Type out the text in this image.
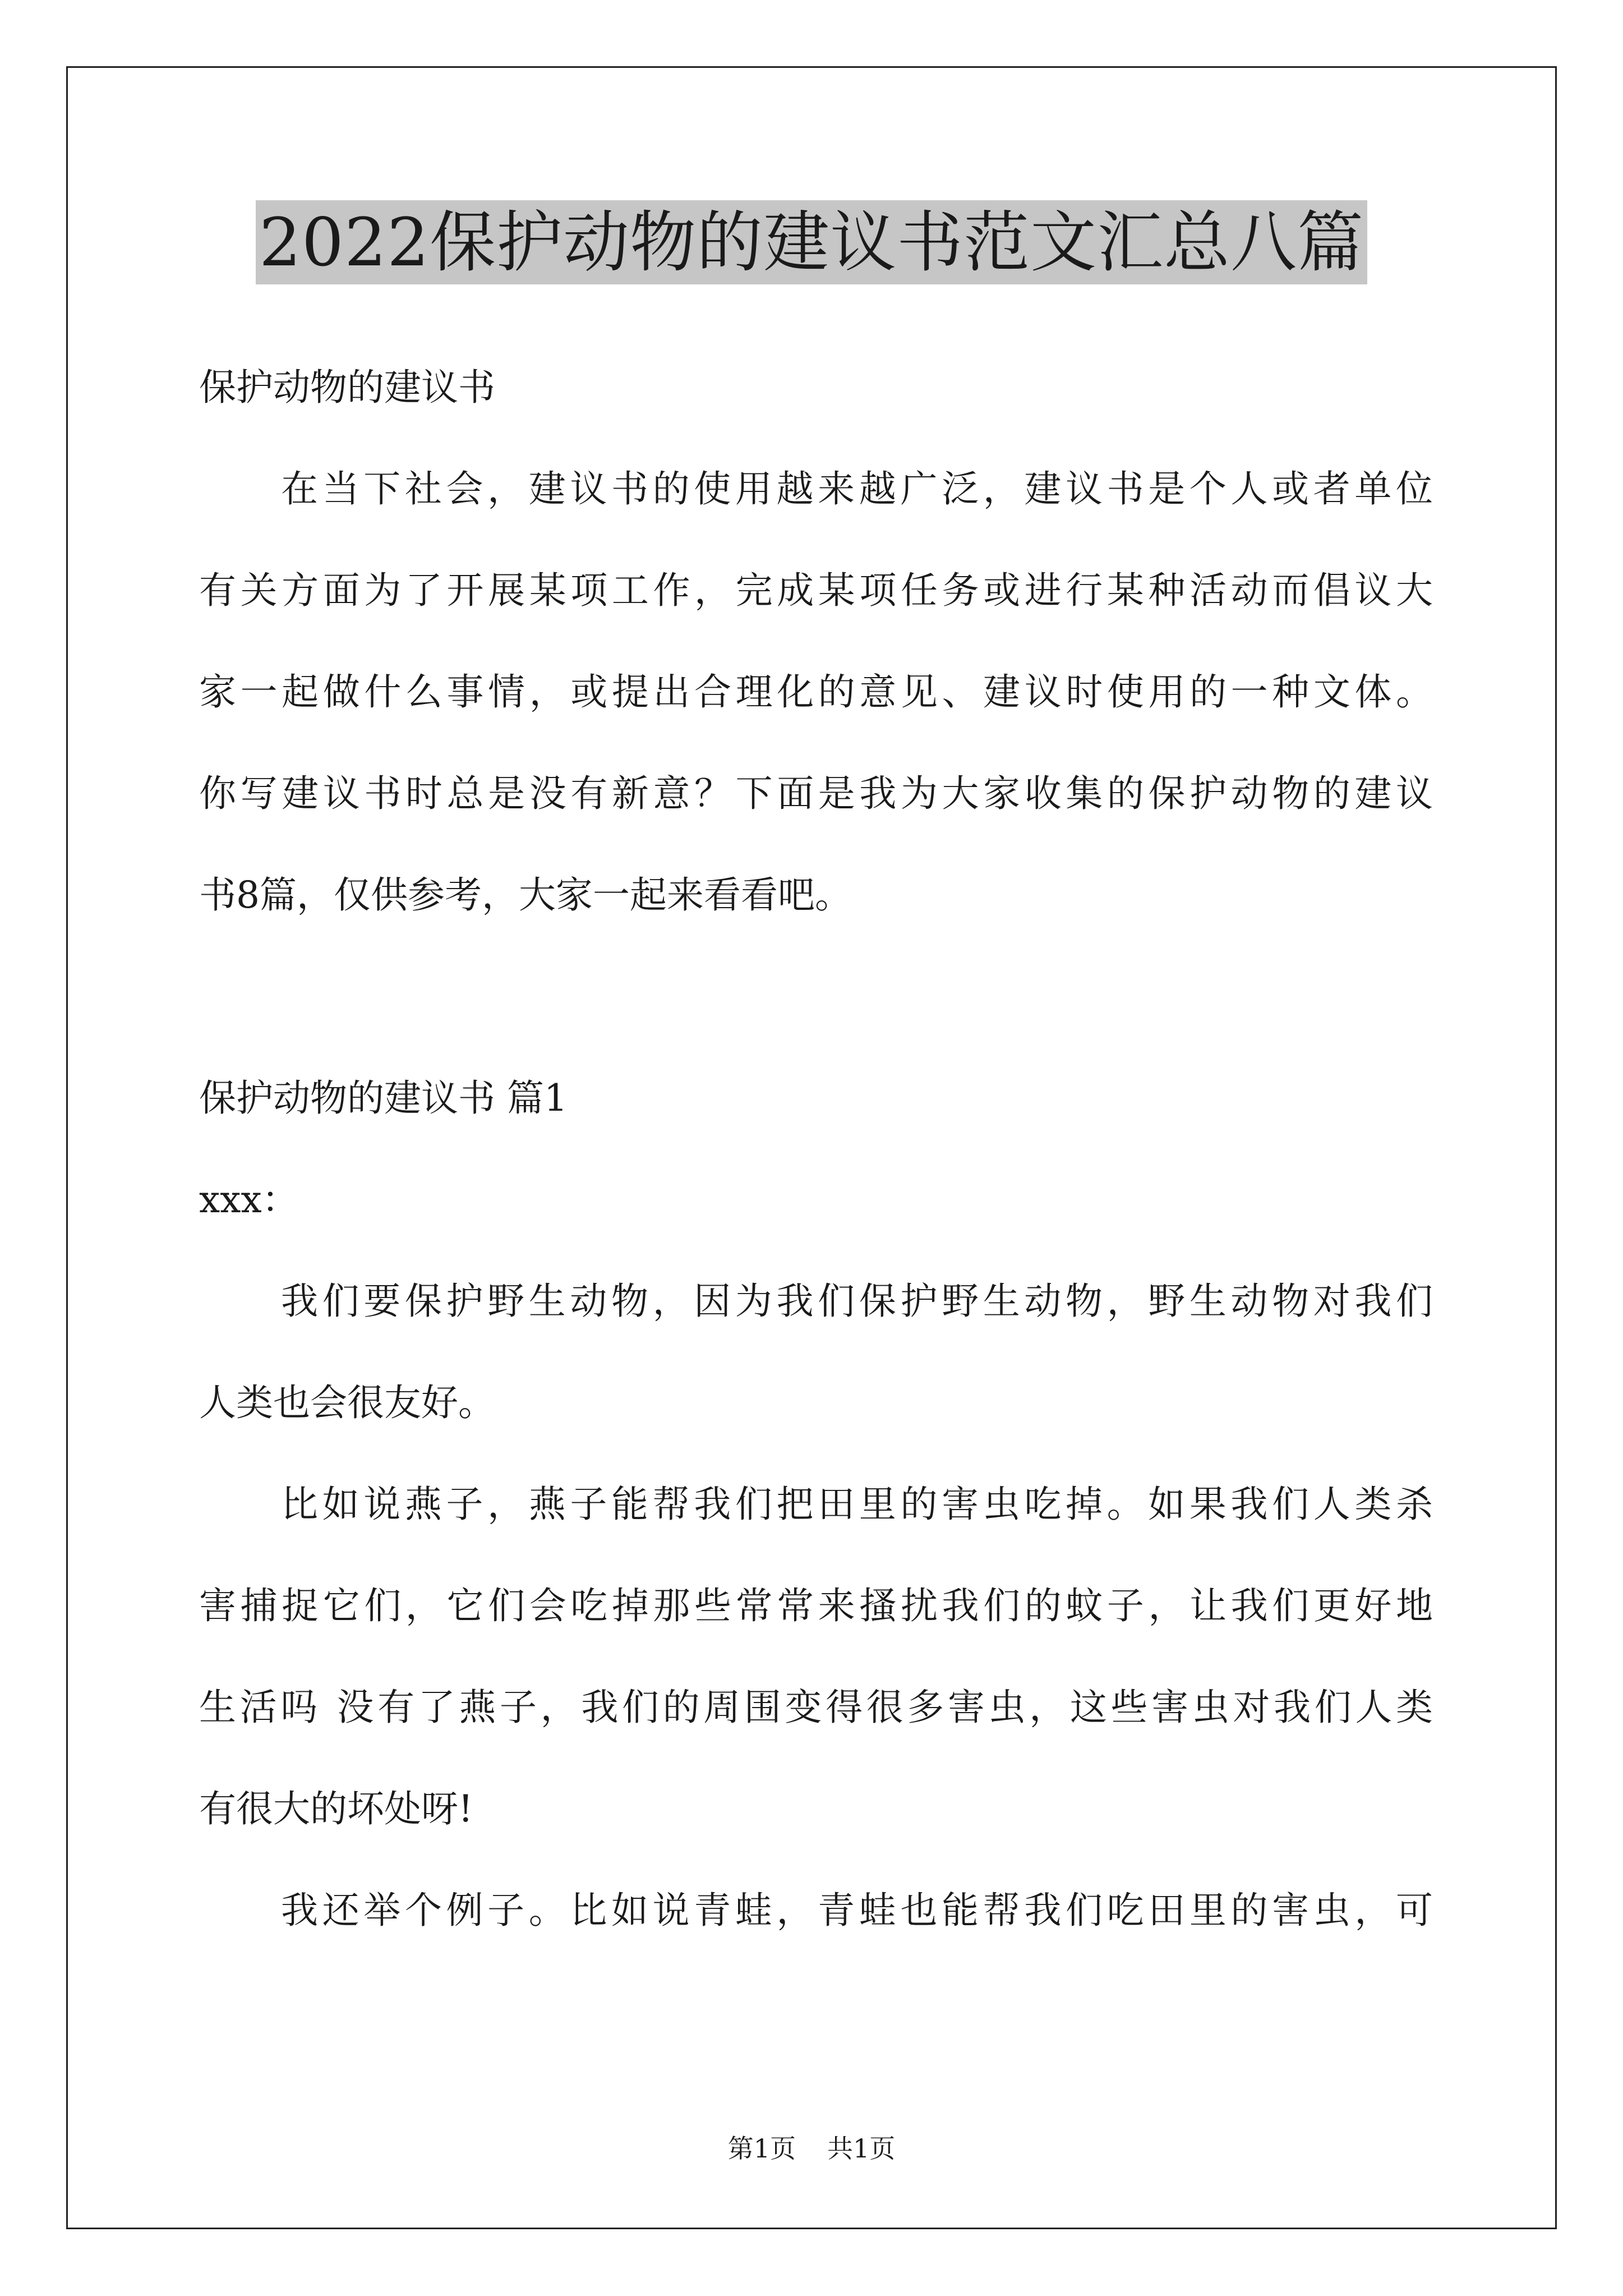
2022保护动物的建议书范文汇总八篇
保护动物的建议书
在当下社会，建议书的使用越来越广泛，建议书是个人或者单位
有关方面为了开展某项工作，完成某项任务或进行某种活动而倡议大
家一起做什么事情，或提出合理化的意见、建议时使用的一种文体。
你写建议书时总是没有新意？下面是我为大家收集的保护动物的建议
书8篇，仅供参考，大家一起来看看吧。
保护动物的建议书 篇1
xxx：
我们要保护野生动物，因为我们保护野生动物，野生动物对我们
人类也会很友好。
比如说燕子，燕子能帮我们把田里的害虫吃掉。如果我们人类杀
害捕捉它们，它们会吃掉那些常常来搔扰我们的蚊子，让我们更好地
生活吗 没有了燕子，我们的周围变得很多害虫，这些害虫对我们人类
有很大的坏处呀!
我还举个例子。比如说青蛙，青蛙也能帮我们吃田里的害虫，可
第1页 共1页
